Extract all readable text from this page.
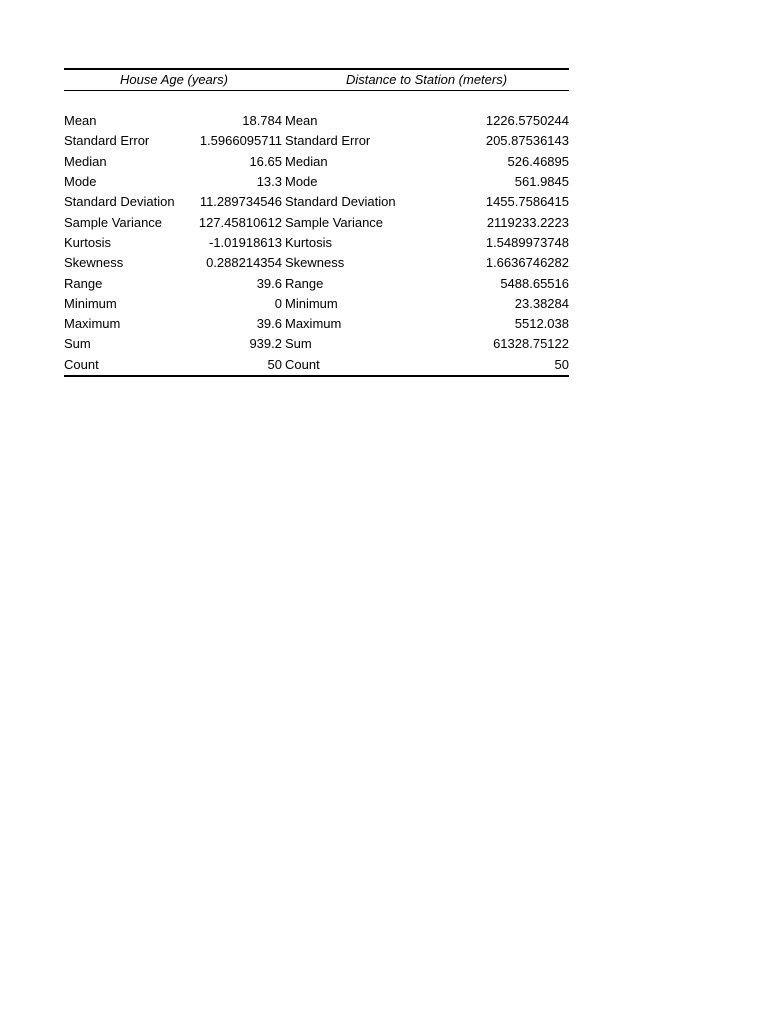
House Age (years)		Distance to Station (meters)	

Mean	18.784	Mean	1226.5750244
Standard Error	1.5966095711	Standard Error	205.87536143
Median	16.65	Median	526.46895
Mode	13.3	Mode	561.9845
Standard Deviation	11.289734546	Standard Deviation	1455.7586415
Sample Variance	127.45810612	Sample Variance	2119233.2223
Kurtosis	-1.01918613	Kurtosis	1.5489973748
Skewness	0.288214354	Skewness	1.6636746282
Range	39.6	Range	5488.65516
Minimum	0	Minimum	23.38284
Maximum	39.6	Maximum	5512.038
Sum	939.2	Sum	61328.75122
Count	50	Count	50
